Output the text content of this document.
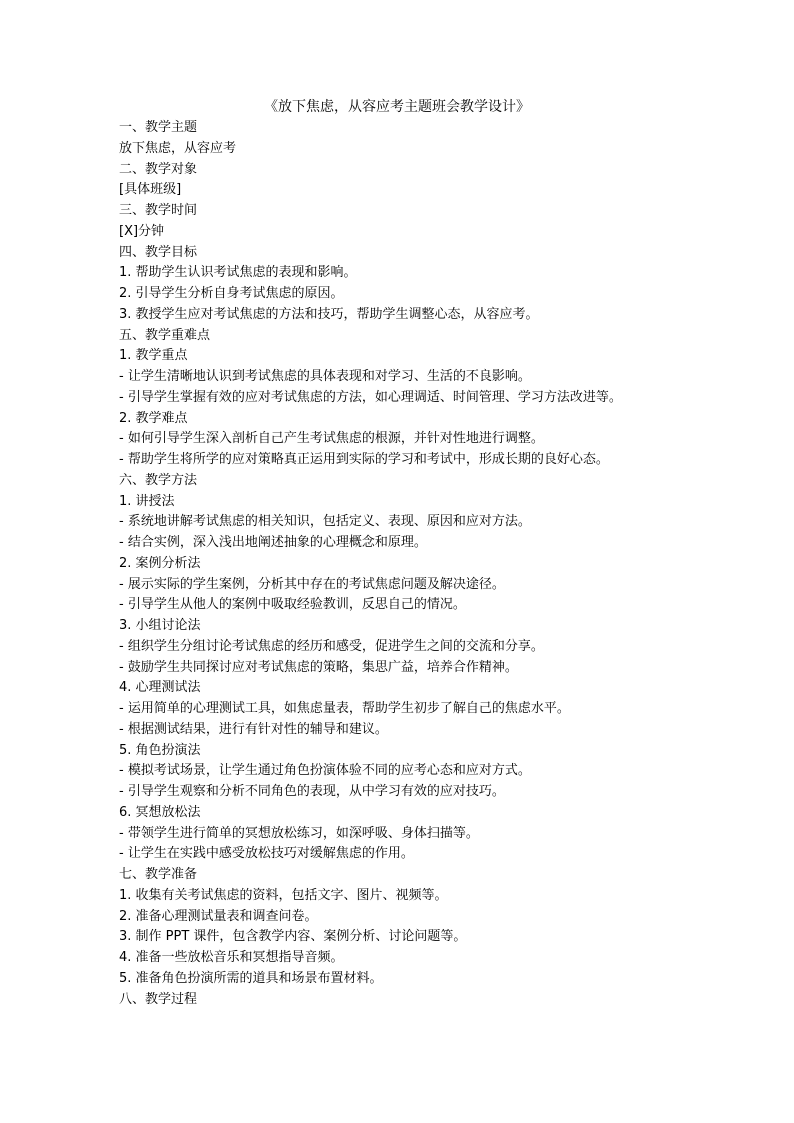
《放下焦虑，从容应考主题班会教学设计》

一、教学主题

放下焦虑，从容应考

二、教学对象

[具体班级]

三、教学时间

[X]分钟

四、教学目标

1. 帮助学生认识考试焦虑的表现和影响。

2. 引导学生分析自身考试焦虑的原因。

3. 教授学生应对考试焦虑的方法和技巧，帮助学生调整心态，从容应考。

五、教学重难点

1. 教学重点

- 让学生清晰地认识到考试焦虑的具体表现和对学习、生活的不良影响。

- 引导学生掌握有效的应对考试焦虑的方法，如心理调适、时间管理、学习方法改进等。

2. 教学难点

- 如何引导学生深入剖析自己产生考试焦虑的根源，并针对性地进行调整。

- 帮助学生将所学的应对策略真正运用到实际的学习和考试中，形成长期的良好心态。

六、教学方法

1. 讲授法

- 系统地讲解考试焦虑的相关知识，包括定义、表现、原因和应对方法。

- 结合实例，深入浅出地阐述抽象的心理概念和原理。

2. 案例分析法

- 展示实际的学生案例，分析其中存在的考试焦虑问题及解决途径。

- 引导学生从他人的案例中吸取经验教训，反思自己的情况。

3. 小组讨论法

- 组织学生分组讨论考试焦虑的经历和感受，促进学生之间的交流和分享。

- 鼓励学生共同探讨应对考试焦虑的策略，集思广益，培养合作精神。

4. 心理测试法

- 运用简单的心理测试工具，如焦虑量表，帮助学生初步了解自己的焦虑水平。

- 根据测试结果，进行有针对性的辅导和建议。

5. 角色扮演法

- 模拟考试场景，让学生通过角色扮演体验不同的应考心态和应对方式。

- 引导学生观察和分析不同角色的表现，从中学习有效的应对技巧。

6. 冥想放松法

- 带领学生进行简单的冥想放松练习，如深呼吸、身体扫描等。

- 让学生在实践中感受放松技巧对缓解焦虑的作用。

七、教学准备

1. 收集有关考试焦虑的资料，包括文字、图片、视频等。

2. 准备心理测试量表和调查问卷。

3. 制作 PPT 课件，包含教学内容、案例分析、讨论问题等。

4. 准备一些放松音乐和冥想指导音频。

5. 准备角色扮演所需的道具和场景布置材料。

八、教学过程
